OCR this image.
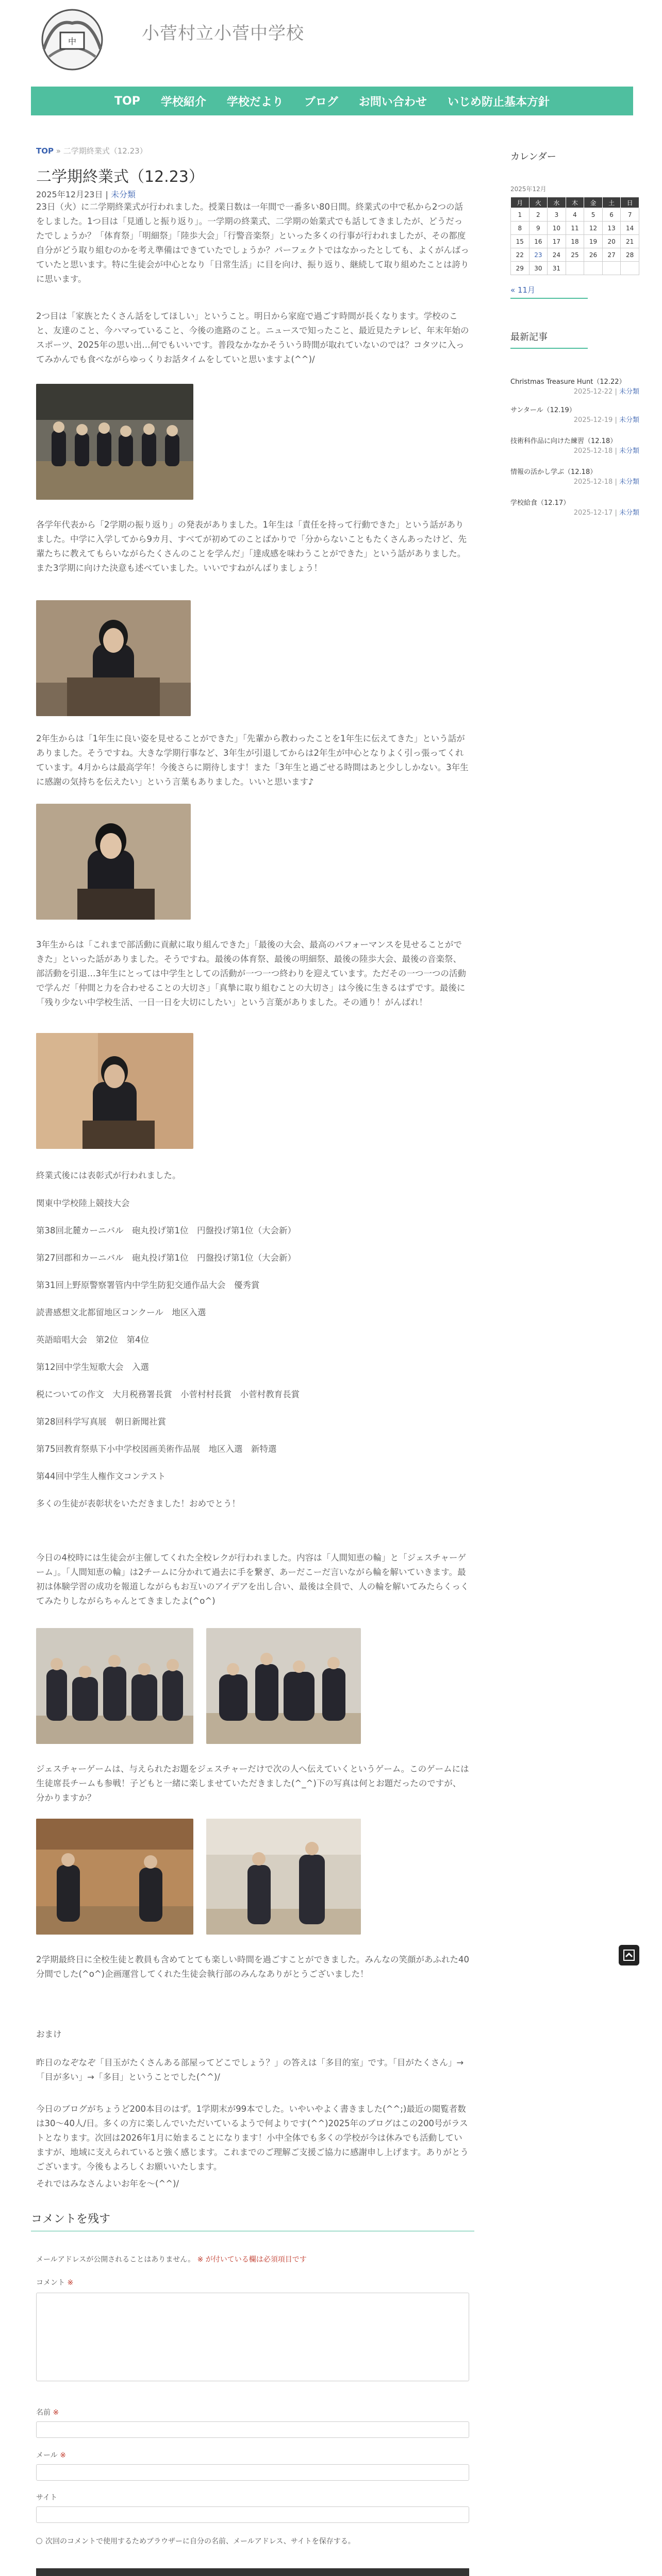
中	小菅村立小菅中学校
TOP 学校紹介 学校だより ブログ お問い合わせ いじめ防止基本方針
TOP » 二学期終業式（12.23）
二学期終業式（12.23）
2025年12月23日 | 未分類

23日（火）に二学期終業式が行われました。授業日数は一年間で一番多い80日間。終業式の中で私から2つの話をしました。1つ目は「見通しと振り返り」。一学期の終業式、二学期の始業式でも話してきましたが、どうだったでしょうか？「体育祭」「明細祭」「陸歩大会」「行警音楽祭」といった多くの行事が行われましたが、その都度自分がどう取り組むのかを考え準備はできていたでしょうか？パーフェクトではなかったとしても、よくがんばっていたと思います。特に生徒会が中心となり「日常生活」に目を向け、振り返り、継続して取り組めたことは誇りに思います。

2つ目は「家族とたくさん話をしてほしい」ということ。明日から家庭で過ごす時間が長くなります。学校のこと、友達のこと、今ハマっていること、今後の進路のこと。ニュースで知ったこと、最近見たテレビ、年末年始のスポーツ、2025年の思い出…何でもいいです。普段なかなかそういう時間が取れていないのでは？コタツに入ってみかんでも食べながらゆっくりお話タイムをしていと思いますよ(^^)/

各学年代表から「2学期の振り返り」の発表がありました。1年生は「責任を持って行動できた」という話がありました。中学に入学してから9カ月、すべてが初めてのことばかりで「分からないこともたくさんあったけど、先輩たちに教えてもらいながらたくさんのことを学んだ」「達成感を味わうことができた」という話がありました。また3学期に向けた決意も述べていました。いいですねがんばりましょう！

2年生からは「1年生に良い姿を見せることができた」「先輩から教わったことを1年生に伝えてきた」という話がありました。そうですね。大きな学期行事など、3年生が引退してからは2年生が中心となりよく引っ張ってくれています。4月からは最高学年！今後さらに期待します！また「3年生と過ごせる時間はあと少ししかない。3年生に感謝の気持ちを伝えたい」という言葉もありました。いいと思います♪

3年生からは「これまで部活動に貢献に取り組んできた」「最後の大会、最高のパフォーマンスを見せることができた」といった話がありました。そうですね。最後の体育祭、最後の明細祭、最後の陸歩大会、最後の音楽祭、部活動を引退…3年生にとっては中学生としての活動が一つ一つ終わりを迎えています。ただその一つ一つの活動で学んだ「仲間と力を合わせることの大切さ」「真摯に取り組むことの大切さ」は今後に生きるはずです。最後に「残り少ない中学校生活、一日一日を大切にしたい」という言葉がありました。その通り！がんばれ！

終業式後には表彰式が行われました。

関東中学校陸上競技大会

第38回北麓カーニバル　砲丸投げ第1位　円盤投げ第1位（大会新）

第27回郡和カーニバル　砲丸投げ第1位　円盤投げ第1位（大会新）

第31回上野原警察署管内中学生防犯交通作品大会　優秀賞

読書感想文北都留地区コンクール　地区入選

英語暗唱大会　第2位　第4位

第12回中学生短歌大会　入選

税についての作文　大月税務署長賞　小菅村村長賞　小菅村教育長賞

第28回科学写真展　朝日新聞社賞

第75回教育祭県下小中学校図画美術作品展　地区入選　新特選

第44回中学生人権作文コンテスト

多くの生徒が表彰状をいただきました！おめでとう！

今日の4校時には生徒会が主催してくれた全校レクが行われました。内容は「人間知恵の輪」と「ジェスチャーゲーム」。「人間知恵の輪」は2チームに分かれて過去に手を繋ぎ、あーだこーだ言いながら輪を解いていきます。最初は体験学習の成功を報道しながらもお互いのアイデアを出し合い、最後は全員で、人の輪を解いてみたらくっくてみたりしながらちゃんとてきましたよ(^o^)

ジェスチャーゲームは、与えられたお題をジェスチャーだけで次の人へ伝えていくというゲーム。このゲームには生徒席長チームも参戦！子どもと一緒に楽しませていただきました(^_^)下の写真は何とお題だったのですが、分かりますか？

2学期最終日に全校生徒と教員も含めてとても楽しい時間を過ごすことができました。みんなの笑顔があふれた40分間でした(^o^)企画運営してくれた生徒会執行部のみんなありがとうございました！

おまけ

昨日のなぞなぞ「目玉がたくさんある部屋ってどこでしょう？」の答えは「多目的室」です。「目がたくさん」→「目が多い」→「多目」ということでした(^^)/

今日のブログがちょうど200本目のはず。1学期末が99本でした。いやいやよく書きました(^^;)最近の閲覧者数は30〜40人/日。多くの方に楽しんでいただいているようで何よりです(^^)2025年のブログはこの200号がラストとなります。次回は2026年1月に始まることになります！小中全体でも多くの学校が今は休みでも活動していますが、地域に支えられていると強く感じます。これまでのご理解ご支援ご協力に感謝申し上げます。ありがとうございます。今後もよろしくお願いいたします。

それではみなさんよいお年を〜(^^)/

カレンダー
2025年12月
月	火	水	木	金	土	日
1	2	3	4	5	6	7
8	9	10	11	12	13	14
15	16	17	18	19	20	21
22	23	24	25	26	27	28
29	30	31				
« 11月
最新記事
Christmas Treasure Hunt（12.22）
2025-12-22 | 未分類
サンタール（12.19）
2025-12-19 | 未分類
技術科作品に向けた練習（12.18）
2025-12-18 | 未分類
情報の活かし学ぶ（12.18）
2025-12-18 | 未分類
学校給食（12.17）
2025-12-17 | 未分類
コメントを残す
メールアドレスが公開されることはありません。 ※ が付いている欄は必須項目です
コメント ※
名前 ※
メール ※
サイト
次回のコメントで使用するためブラウザーに自分の名前、メールアドレス、サイトを保存する。
